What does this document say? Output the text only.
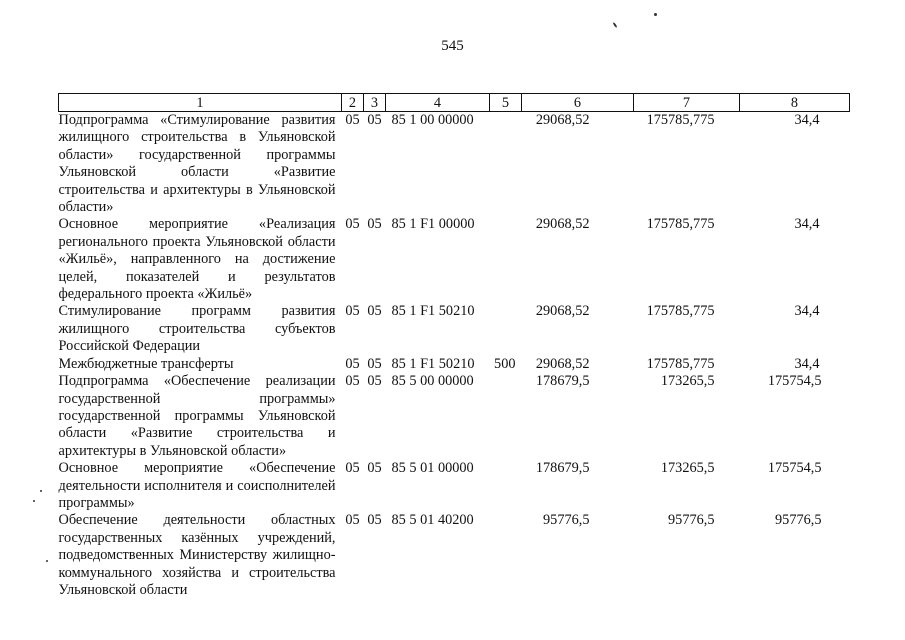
545
1	2	3	4	5	6	7	8
Подпрограмма «Стимулирование развития жилищного строительства в Ульяновской области» государственной программы Ульяновской области «Развитие строительства и архитектуры в Ульяновской области»	05	05	85 1 00 00000		29068,52	175785,775	34,4
Основное мероприятие «Реализация регионального проекта Ульяновской области «Жильё», направленного на достижение целей, показателей и результатов федерального проекта «Жильё»	05	05	85 1 F1 00000		29068,52	175785,775	34,4
Стимулирование программ развития жилищного строительства субъектов Российской Федерации	05	05	85 1 F1 50210		29068,52	175785,775	34,4
Межбюджетные трансферты	05	05	85 1 F1 50210	500	29068,52	175785,775	34,4
Подпрограмма «Обеспечение реализации государственной программы» государственной программы Ульяновской области «Развитие строительства и архитектуры в Ульяновской области»	05	05	85 5 00 00000		178679,5	173265,5	175754,5
Основное мероприятие «Обеспечение деятельности исполнителя и соисполнителей программы»	05	05	85 5 01 00000		178679,5	173265,5	175754,5
Обеспечение деятельности областных государственных казённых учреждений, подведомственных Министерству жилищно-коммунального хозяйства и строительства Ульяновской области	05	05	85 5 01 40200		95776,5	95776,5	95776,5
